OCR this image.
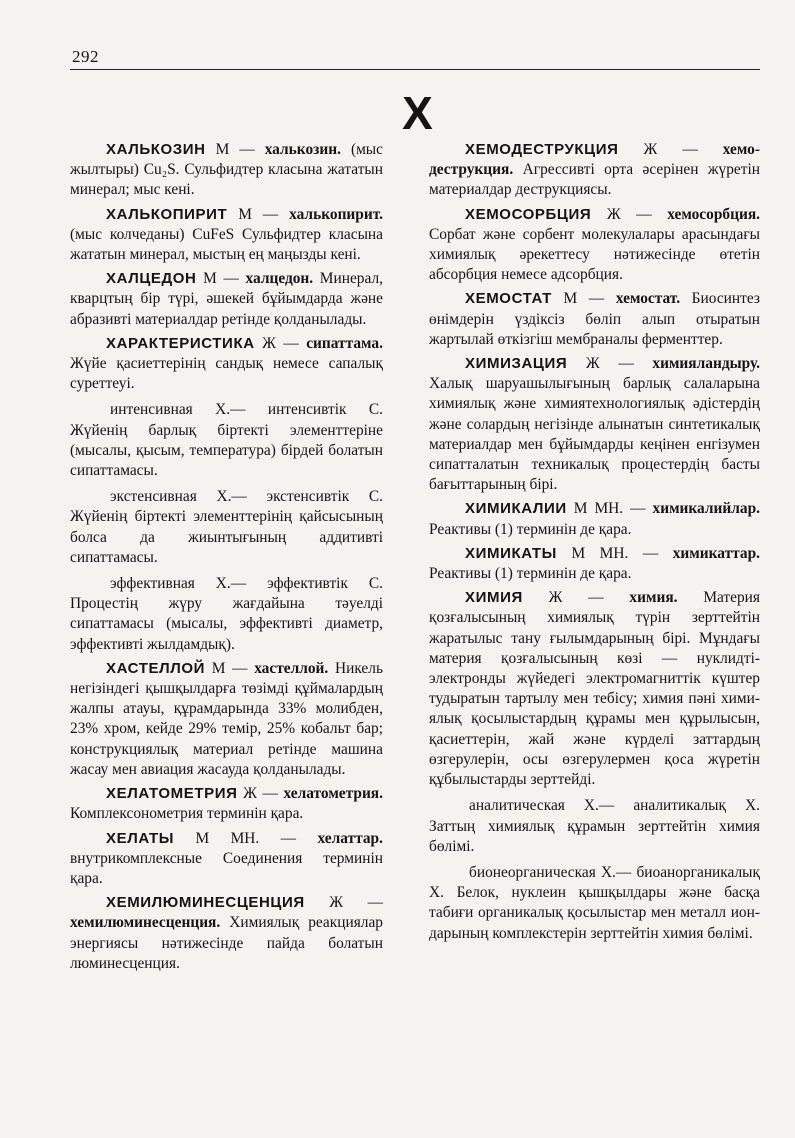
292
X

ХАЛЬКОЗИН М — халькозин. (мыс жылтыры) Cu₂S. Сульфидтер класына жататын минерал; мыс кені.

ХАЛЬКОПИРИТ М — халькопирит. (мыс колчеданы) CuFeS Сульфидтер класына жататын минерал, мыстың ең маңызды кені.

ХАЛЦЕДОН М — халцедон. Минерал, кварцтың бір түрі, әшекей бұйымдарда және абразивті материалдар ретінде қолданылады.

ХАРАКТЕРИСТИКА Ж — сипаттама. Жүйе қасиеттерінің сандық немесе сапалық суреттеуі.

интенсивная Х.— интенсивтік С. Жүйенің барлық біртекті элементтеріне (мысалы, қысым, температура) бірдей болатын сипаттамасы.

экстенсивная Х.— экстенсивтік С. Жүйенің біртекті элементтерінің қайсысының болса да жиынтығының аддитивті сипаттамасы.

эффективная Х.— эффективтік С. Процестің жүру жағдайына тәуелді сипаттамасы (мысалы, эффективті диаметр, эффективті жылдамдық).

ХАСТЕЛЛОЙ М — хастеллой. Никель негізіндегі қышқылдарға төзімді құймалардың жалпы атауы, құрамдарында 33% молибден, 23% хром, кейде 29% темір, 25% кобальт бар; конструкциялық материал ретінде машина жасау мен авиация жасауда қолданылады.

ХЕЛАТОМЕТРИЯ Ж — хелатометрия. Комплексонометрия терминін қара.

ХЕЛАТЫ М МН. — хелаттар. внутрикомплексные Соединения терминін қара.

ХЕМИЛЮМИНЕСЦЕНЦИЯ Ж — хемилюминесценция. Химиялық реакциялар энергиясы нәтижесінде пайда болатын люминесценция.

ХЕМОДЕСТРУКЦИЯ Ж — хемодеструкция. Агрессивті орта әсерінен жүретін материалдар деструкциясы.

ХЕМОСОРБЦИЯ Ж — хемосорбция. Сорбат және сорбент молекулалары арасындағы химиялық әрекеттесу нәтижесінде өтетін абсорбция немесе адсорбция.

ХЕМОСТАТ М — хемостат. Биосинтез өнімдерін үздіксіз бөліп алып отыратын жартылай өткізгіш мембраналы ферменттер.

ХИМИЗАЦИЯ Ж — химияландыру. Халық шаруашылығының барлық салаларына химиялық және химиятехнологиялық әдістердің және солардың негізінде алынатын синтетикалық материалдар мен бұйымдарды кеңінен енгізумен сипатталатын техникалық процестердің басты бағыттарының бірі.

ХИМИКАЛИИ М МН. — химикалийлар. Реактивы (1) терминін де қара.

ХИМИКАТЫ М МН. — химикаттар. Реактивы (1) терминін де қара.

ХИМИЯ Ж — химия. Материя қозғалысының химиялық түрін зерттейтін жаратылыс тану ғылымдарының бірі. Мұндағы материя қозғалысының көзі — нуклидті-электронды жүйедегі электромагниттік күштер тудыратын тартылу мен тебісу; химия пәні химиялық қосылыстардың құрамы мен құрылысын, қасиеттерін, жай және күрделі заттардың өзгерулерін, осы өзгерулермен қоса жүретін құбылыстарды зерттейді.

аналитическая Х.— аналитикалық Х. Заттың химиялық құрамын зерттейтін химия бөлімі.

бионеорганическая Х.— биоанорганикалық Х. Белок, нуклеин қышқылдары және басқа табиғи органикалық қосылыстар мен металл иондарының комплекстерін зерттейтін химия бөлімі.
